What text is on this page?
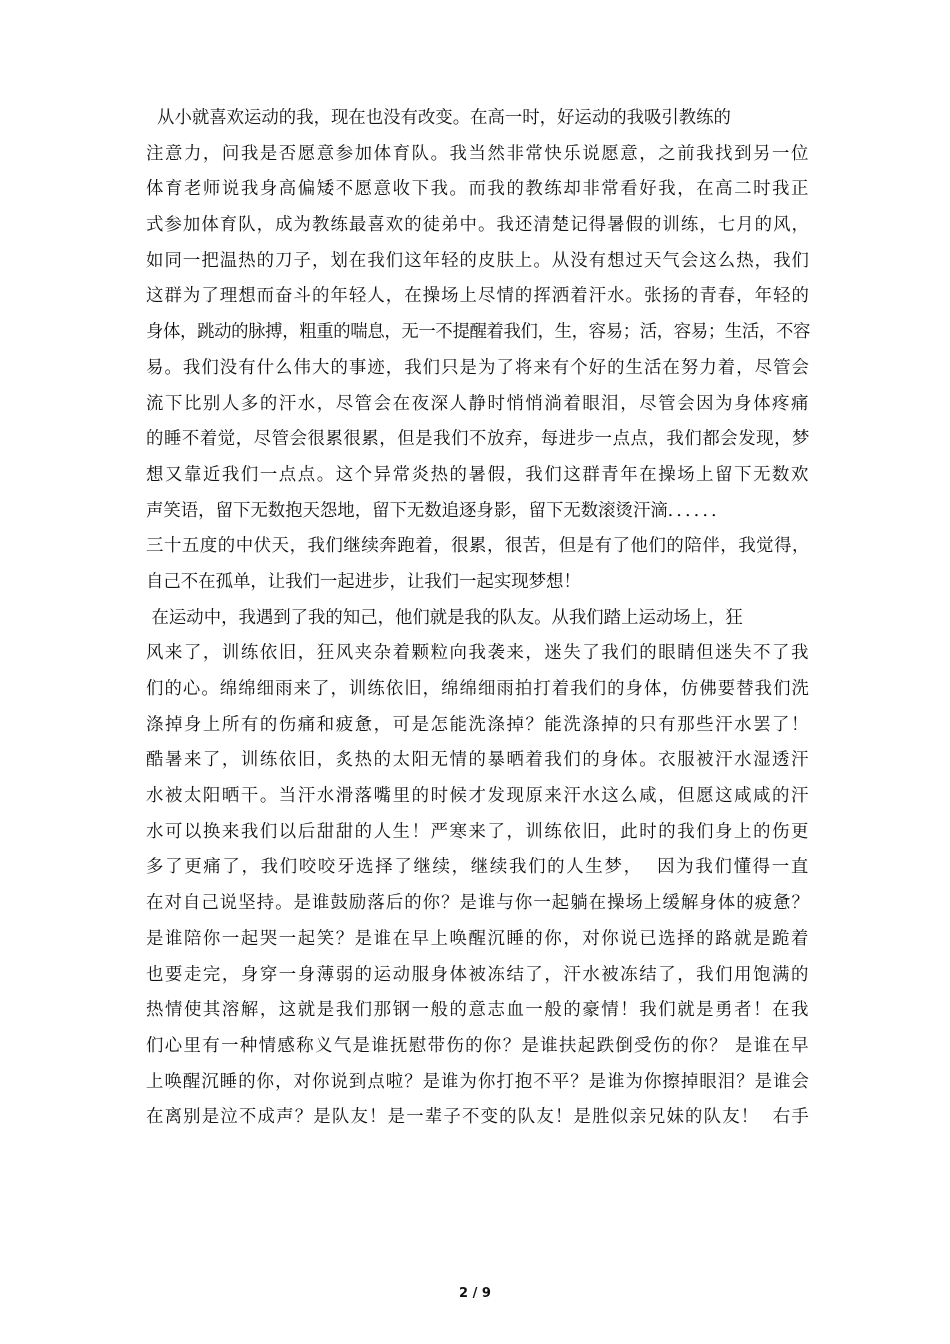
从小就喜欢运动的我，现在也没有改变。在高一时，好运动的我吸引教练的
注意力，问我是否愿意参加体育队。我当然非常快乐说愿意，之前我找到另一位
体育老师说我身高偏矮不愿意收下我。而我的教练却非常看好我，在高二时我正
式参加体育队，成为教练最喜欢的徒弟中。我还清楚记得暑假的训练，七月的风，
如同一把温热的刀子，划在我们这年轻的皮肤上。从没有想过天气会这么热，我们
这群为了理想而奋斗的年轻人，在操场上尽情的挥洒着汗水。张扬的青春，年轻的
身体，跳动的脉搏，粗重的喘息，无一不提醒着我们，生，容易；活，容易；生活，不容
易。我们没有什么伟大的事迹，我们只是为了将来有个好的生活在努力着，尽管会
流下比别人多的汗水，尽管会在夜深人静时悄悄淌着眼泪，尽管会因为身体疼痛
的睡不着觉，尽管会很累很累，但是我们不放弃，每进步一点点，我们都会发现，梦
想又靠近我们一点点。这个异常炎热的暑假，我们这群青年在操场上留下无数欢
声笑语，留下无数抱天怨地，留下无数追逐身影，留下无数滚烫汗滴．．．．．．
三十五度的中伏天，我们继续奔跑着，很累，很苦，但是有了他们的陪伴，我觉得，
自己不在孤单，让我们一起进步，让我们一起实现梦想！
在运动中，我遇到了我的知己，他们就是我的队友。从我们踏上运动场上，狂
风来了，训练依旧，狂风夹杂着颗粒向我袭来，迷失了我们的眼睛但迷失不了我
们的心。绵绵细雨来了，训练依旧，绵绵细雨拍打着我们的身体，仿佛要替我们洗
涤掉身上所有的伤痛和疲惫，可是怎能洗涤掉？能洗涤掉的只有那些汗水罢了！
酷暑来了，训练依旧，炙热的太阳无情的暴晒着我们的身体。衣服被汗水湿透汗
水被太阳晒干。当汗水滑落嘴里的时候才发现原来汗水这么咸，但愿这咸咸的汗
水可以换来我们以后甜甜的人生！严寒来了，训练依旧，此时的我们身上的伤更
多了更痛了，我们咬咬牙选择了继续，继续我们的人生梦，  因为我们懂得一直
在对自己说坚持。是谁鼓励落后的你？是谁与你一起躺在操场上缓解身体的疲惫？
是谁陪你一起哭一起笑？是谁在早上唤醒沉睡的你，对你说已选择的路就是跪着
也要走完，身穿一身薄弱的运动服身体被冻结了，汗水被冻结了，我们用饱满的
热情使其溶解，这就是我们那钢一般的意志血一般的豪情！我们就是勇者！在我
们心里有一种情感称义气是谁抚慰带伤的你？是谁扶起跌倒受伤的你？ 是谁在早
上唤醒沉睡的你，对你说到点啦？是谁为你打抱不平？是谁为你擦掉眼泪？是谁会
在离别是泣不成声？是队友！是一辈子不变的队友！是胜似亲兄妹的队友！  右手
2 / 9
